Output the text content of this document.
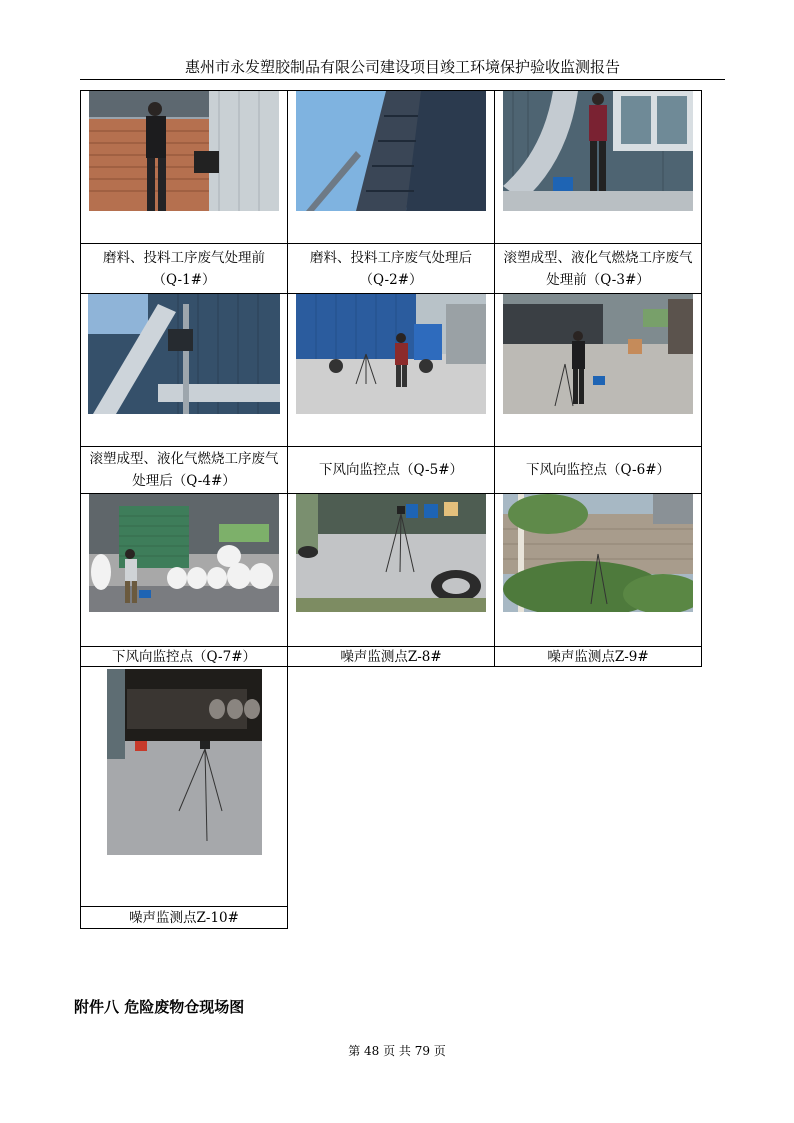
惠州市永发塑胶制品有限公司建设项目竣工环境保护验收监测报告

磨料、投料工序废气处理前
（Q-1#）	磨料、投料工序废气处理后
（Q-2#）	滚塑成型、液化气燃烧工序废气
处理前（Q-3#）

滚塑成型、液化气燃烧工序废气
处理后（Q-4#）	下风向监控点（Q-5#）	下风向监控点（Q-6#）

下风向监控点（Q-7#）	噪声监测点Z-8#	噪声监测点Z-9#

噪声监测点Z-10#		

附件八 危险废物仓现场图
第 48 页 共 79 页
